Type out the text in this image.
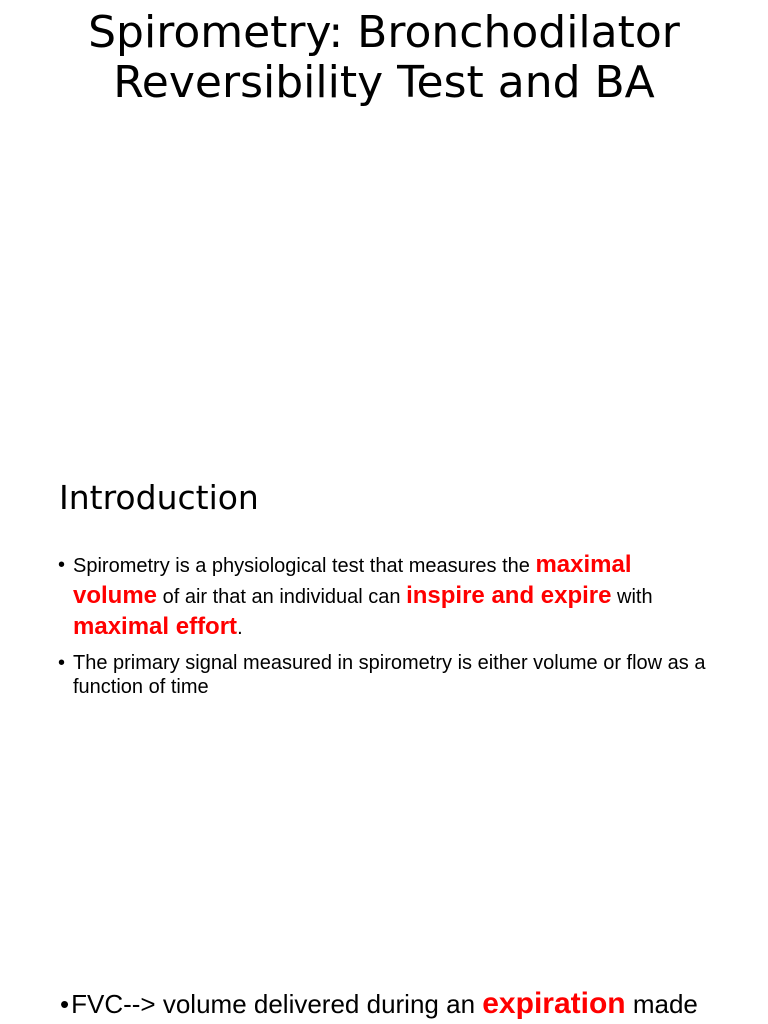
Spirometry: Bronchodilator Reversibility Test and BA
Introduction
• Spirometry is a physiological test that measures the maximal volume of air that an individual can inspire and expire with maximal effort.
• The primary signal measured in spirometry is either volume or flow as a function of time
•FVC--> volume delivered during an expiration made
